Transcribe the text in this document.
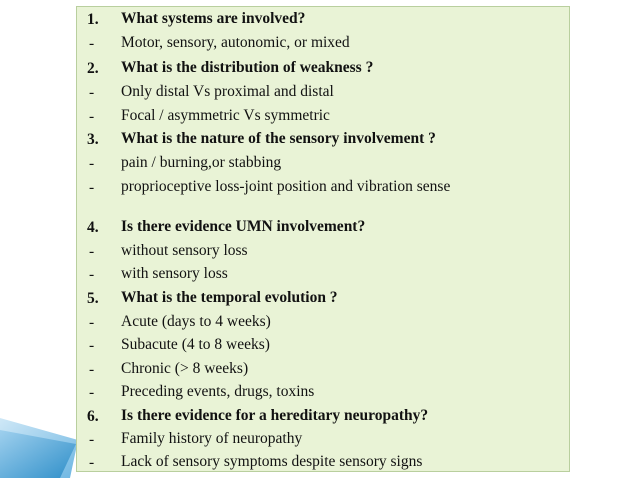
1. What systems are involved?
- Motor, sensory, autonomic, or mixed
2. What is the distribution of weakness ?
- Only distal Vs proximal and distal
- Focal / asymmetric Vs symmetric
3. What is the nature of the sensory involvement ?
- pain / burning,or stabbing
- proprioceptive loss-joint position and vibration sense
4. Is there evidence UMN involvement?
- without sensory loss
- with sensory loss
5. What is the temporal evolution ?
- Acute (days to 4 weeks)
- Subacute (4 to 8 weeks)
- Chronic (> 8 weeks)
- Preceding events, drugs, toxins
6. Is there evidence for a hereditary neuropathy?
- Family history of neuropathy
- Lack of sensory symptoms despite sensory signs
